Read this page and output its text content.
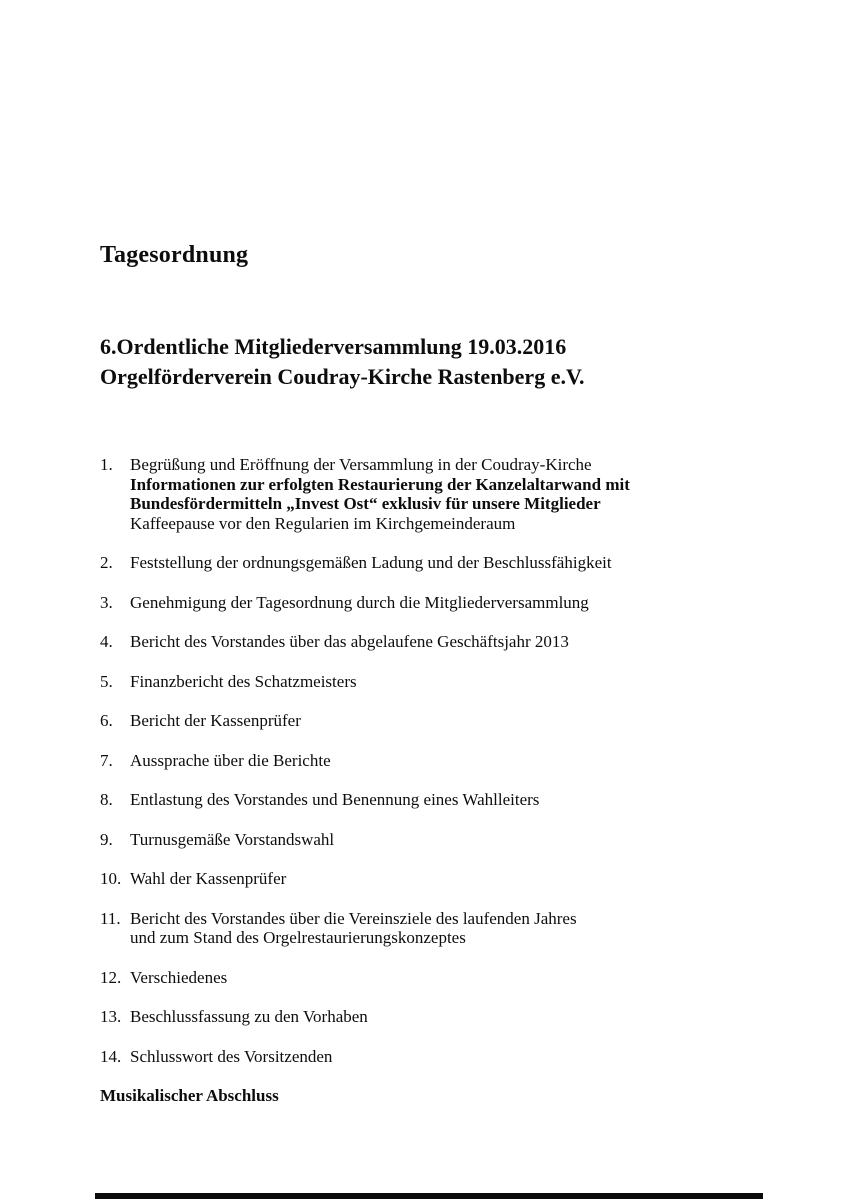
Tagesordnung
6.Ordentliche Mitgliederversammlung 19.03.2016
Orgelförderverein Coudray-Kirche Rastenberg e.V.
1.	Begrüßung und Eröffnung der Versammlung in der Coudray-Kirche
Informationen zur erfolgten Restaurierung der Kanzelaltarwand mit
Bundesfördermitteln „Invest Ost“ exklusiv für unsere Mitglieder
Kaffeepause vor den Regularien im Kirchgemeinderaum
2.	Feststellung der ordnungsgemäßen Ladung und der Beschlussfähigkeit
3.	Genehmigung der Tagesordnung durch die Mitgliederversammlung
4.	Bericht des Vorstandes über das abgelaufene Geschäftsjahr 2013
5.	Finanzbericht des Schatzmeisters
6.	Bericht der Kassenprüfer
7.	Aussprache über die Berichte
8.	Entlastung des Vorstandes und Benennung eines Wahlleiters
9.	Turnusgemäße Vorstandswahl
10. Wahl der Kassenprüfer
11. Bericht des Vorstandes über die Vereinsziele des laufenden Jahres
und zum Stand des Orgelrestaurierungskonzeptes
12. Verschiedenes
13. Beschlussfassung zu den Vorhaben
14. Schlusswort des Vorsitzenden

Musikalischer Abschluss
